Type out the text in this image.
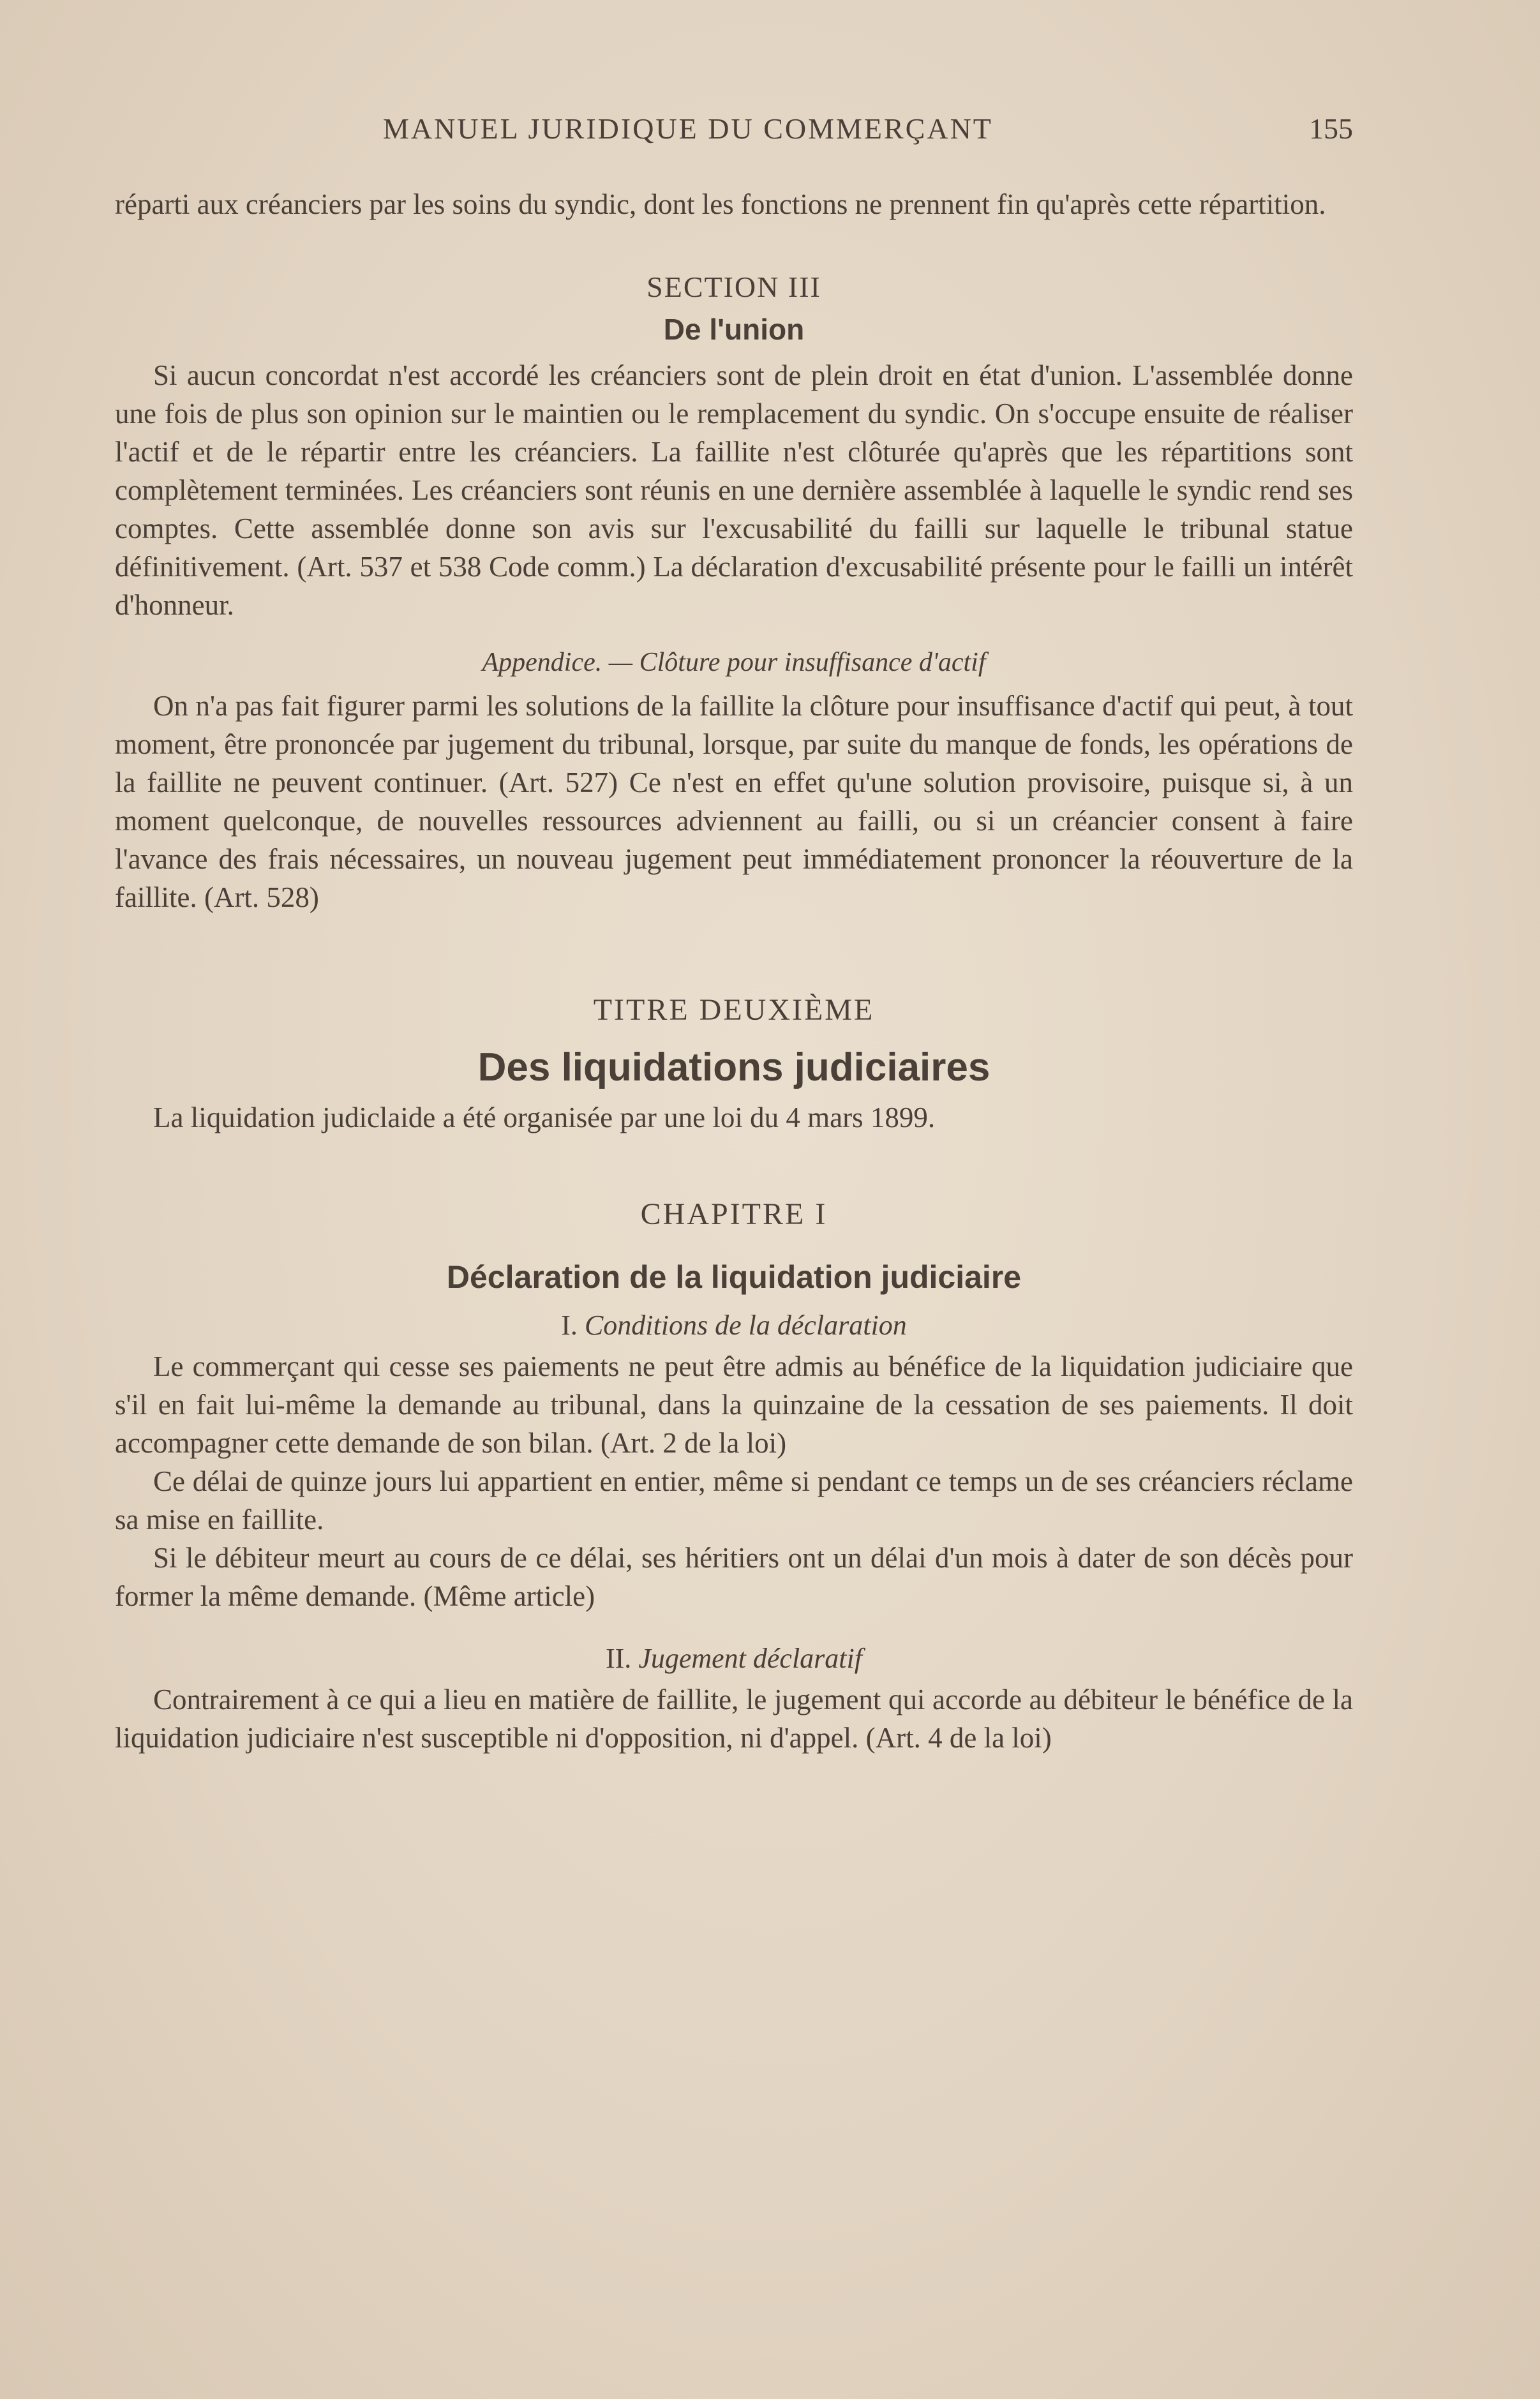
MANUEL JURIDIQUE DU COMMERÇANT	155

réparti aux créanciers par les soins du syndic, dont les fonctions ne prennent fin qu'après cette répartition.

SECTION III
De l'union

Si aucun concordat n'est accordé les créanciers sont de plein droit en état d'union. L'assemblée donne une fois de plus son opinion sur le maintien ou le remplacement du syndic. On s'occupe ensuite de réaliser l'actif et de le répartir entre les créanciers. La faillite n'est clôturée qu'après que les répartitions sont complètement terminées. Les créanciers sont réunis en une dernière assemblée à laquelle le syndic rend ses comptes. Cette assemblée donne son avis sur l'excusabilité du failli sur laquelle le tribunal statue définitivement. (Art. 537 et 538 Code comm.) La déclaration d'excusabilité présente pour le failli un intérêt d'honneur.

Appendice. — Clôture pour insuffisance d'actif

On n'a pas fait figurer parmi les solutions de la faillite la clôture pour insuffisance d'actif qui peut, à tout moment, être prononcée par jugement du tribunal, lorsque, par suite du manque de fonds, les opérations de la faillite ne peuvent continuer. (Art. 527) Ce n'est en effet qu'une solution provisoire, puisque si, à un moment quelconque, de nouvelles ressources adviennent au failli, ou si un créancier consent à faire l'avance des frais nécessaires, un nouveau jugement peut immédiatement prononcer la réouverture de la faillite. (Art. 528)

TITRE DEUXIÈME
Des liquidations judiciaires

La liquidation judiclaide a été organisée par une loi du 4 mars 1899.

CHAPITRE I
Déclaration de la liquidation judiciaire
I. Conditions de la déclaration

Le commerçant qui cesse ses paiements ne peut être admis au bénéfice de la liquidation judiciaire que s'il en fait lui-même la demande au tribunal, dans la quinzaine de la cessation de ses paiements. Il doit accompagner cette demande de son bilan. (Art. 2 de la loi)

Ce délai de quinze jours lui appartient en entier, même si pendant ce temps un de ses créanciers réclame sa mise en faillite.

Si le débiteur meurt au cours de ce délai, ses héritiers ont un délai d'un mois à dater de son décès pour former la même demande. (Même article)

II. Jugement déclaratif

Contrairement à ce qui a lieu en matière de faillite, le jugement qui accorde au débiteur le bénéfice de la liquidation judiciaire n'est susceptible ni d'opposition, ni d'appel. (Art. 4 de la loi)
